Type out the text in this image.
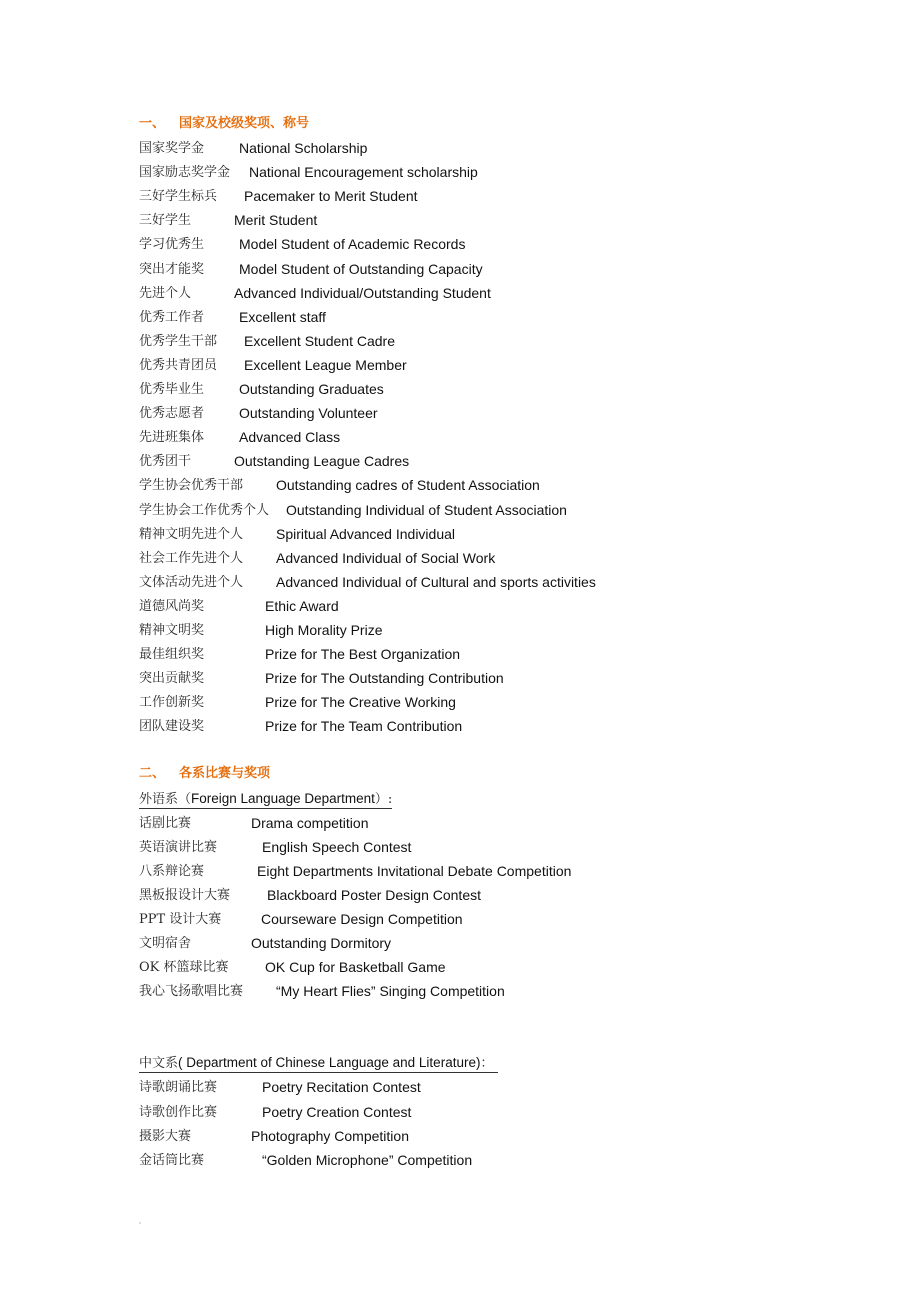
一、 国家及校级奖项、称号
国家奖学金 National Scholarship
国家励志奖学金 National Encouragement scholarship
三好学生标兵 Pacemaker to Merit Student
三好学生	Merit Student
学习优秀生 Model Student of Academic Records
突出才能奖 Model Student of Outstanding Capacity
先进个人	Advanced Individual/Outstanding Student
优秀工作者 Excellent staff
优秀学生干部 Excellent Student Cadre
优秀共青团员 Excellent League Member
优秀毕业生 Outstanding Graduates
优秀志愿者 Outstanding Volunteer
先进班集体 Advanced Class
优秀团干	Outstanding League Cadres
学生协会优秀干部 Outstanding cadres of Student Association
学生协会工作优秀个人 Outstanding Individual of Student Association
精神文明先进个人 Spiritual Advanced Individual
社会工作先进个人 Advanced Individual of Social Work
文体活动先进个人 Advanced Individual of Cultural and sports activities
道德风尚奖	Ethic Award
精神文明奖	High Morality Prize
最佳组织奖	Prize for The Best Organization
突出贡献奖	Prize for The Outstanding Contribution
工作创新奖	Prize for The Creative Working
团队建设奖	Prize for The Team Contribution
二、 各系比赛与奖项
外语系（Foreign Language Department）:
话剧比赛	Drama competition
英语演讲比赛	English Speech Contest
八系辩论赛	Eight Departments Invitational Debate Competition
黑板报设计大赛	Blackboard Poster Design Contest
PPT 设计大赛	Courseware Design Competition
文明宿舍	Outstanding Dormitory
OK 杯篮球比赛	OK Cup for Basketball Game
我心飞扬歌唱比赛 “My Heart Flies” Singing Competition
中文系( Department of Chinese Language and Literature)：
诗歌朗诵比赛	Poetry Recitation Contest
诗歌创作比赛	Poetry Creation Contest
摄影大赛	Photography Competition
金话筒比赛	“Golden Microphone” Competition
